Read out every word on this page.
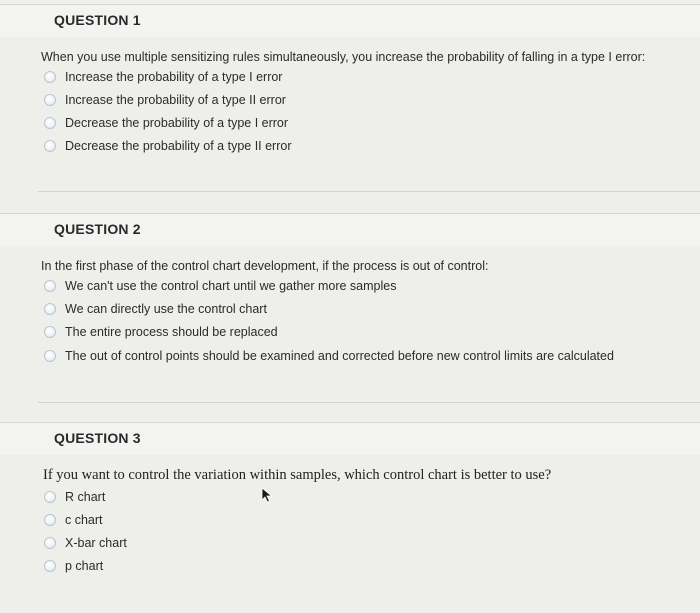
QUESTION 1
When you use multiple sensitizing rules simultaneously, you increase the probability of falling in a type I error:
Increase the probability of a type I error
Increase the probability of a type II error
Decrease the probability of a type I error
Decrease the probability of a type II error
QUESTION 2
In the first phase of the control chart development, if the process is out of control:
We can't use the control chart until we gather more samples
We can directly use the control chart
The entire process should be replaced
The out of control points should be examined and corrected before new control limits are calculated
QUESTION 3
If you want to control the variation within samples, which control chart is better to use?
R chart
c chart
X-bar chart
p chart
